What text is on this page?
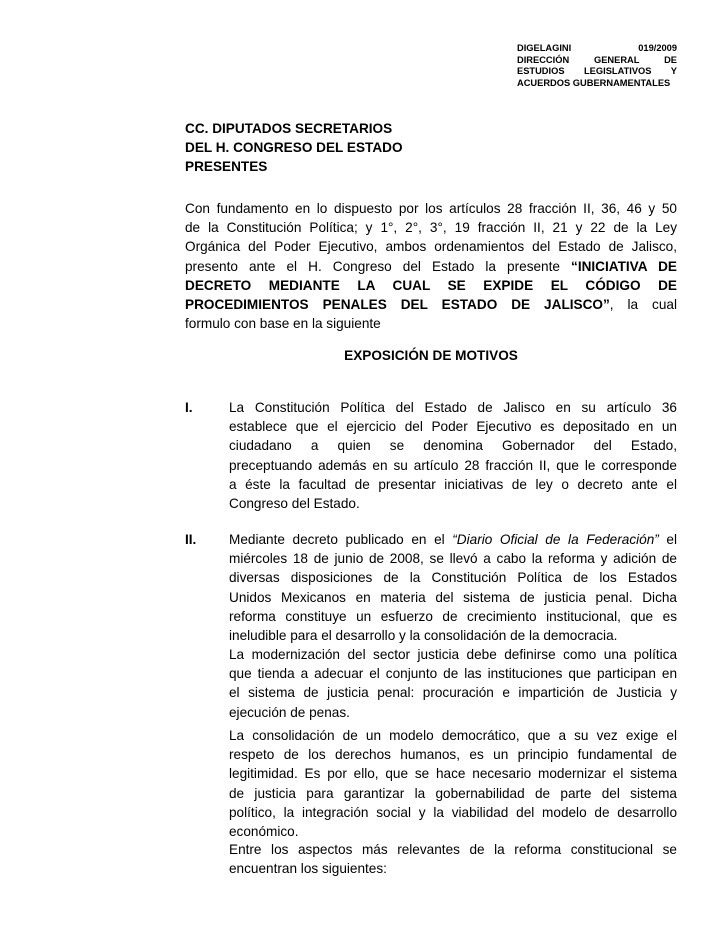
DIGELAGINI 019/2009
DIRECCIÓN GENERAL DE
ESTUDIOS LEGISLATIVOS Y
ACUERDOS GUBERNAMENTALES
CC. DIPUTADOS SECRETARIOS
DEL H. CONGRESO DEL ESTADO
PRESENTES
Con fundamento en lo dispuesto por los artículos 28 fracción II, 36, 46 y 50
de la Constitución Política; y 1°, 2°, 3°, 19 fracción II, 21 y 22 de la Ley
Orgánica del Poder Ejecutivo, ambos ordenamientos del Estado de Jalisco,
presento ante el H. Congreso del Estado la presente “INICIATIVA DE
DECRETO MEDIANTE LA CUAL SE EXPIDE EL CÓDIGO DE
PROCEDIMIENTOS PENALES DEL ESTADO DE JALISCO”, la cual
formulo con base en la siguiente
EXPOSICIÓN DE MOTIVOS
I.	La Constitución Política del Estado de Jalisco en su artículo 36
establece que el ejercicio del Poder Ejecutivo es depositado en un
ciudadano a quien se denomina Gobernador del Estado,
preceptuando además en su artículo 28 fracción II, que le corresponde
a éste la facultad de presentar iniciativas de ley o decreto ante el
Congreso del Estado.
II. Mediante decreto publicado en el “Diario Oficial de la Federación” el
miércoles 18 de junio de 2008, se llevó a cabo la reforma y adición de
diversas disposiciones de la Constitución Política de los Estados
Unidos Mexicanos en materia del sistema de justicia penal. Dicha
reforma constituye un esfuerzo de crecimiento institucional, que es
ineludible para el desarrollo y la consolidación de la democracia.
La modernización del sector justicia debe definirse como una política
que tienda a adecuar el conjunto de las instituciones que participan en
el sistema de justicia penal: procuración e impartición de Justicia y
ejecución de penas.
La consolidación de un modelo democrático, que a su vez exige el
respeto de los derechos humanos, es un principio fundamental de
legitimidad. Es por ello, que se hace necesario modernizar el sistema
de justicia para garantizar la gobernabilidad de parte del sistema
político, la integración social y la viabilidad del modelo de desarrollo
económico.
Entre los aspectos más relevantes de la reforma constitucional se
encuentran los siguientes:
